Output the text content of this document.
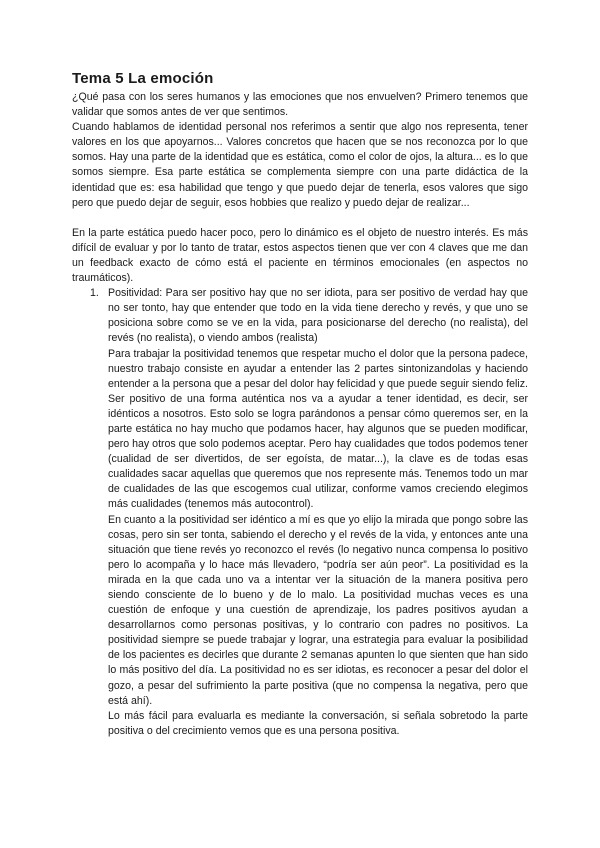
Tema 5 La emoción

¿Qué pasa con los seres humanos y las emociones que nos envuelven? Primero tenemos que validar que somos antes de ver que sentimos.

Cuando hablamos de identidad personal nos referimos a sentir que algo nos representa, tener valores en los que apoyarnos... Valores concretos que hacen que se nos reconozca por lo que somos. Hay una parte de la identidad que es estática, como el color de ojos, la altura... es lo que somos siempre. Esa parte estática se complementa siempre con una parte didáctica de la identidad que es: esa habilidad que tengo y que puedo dejar de tenerla, esos valores que sigo pero que puedo dejar de seguir, esos hobbies que realizo y puedo dejar de realizar...

En la parte estática puedo hacer poco, pero lo dinámico es el objeto de nuestro interés. Es más difícil de evaluar y por lo tanto de tratar, estos aspectos tienen que ver con 4 claves que me dan un feedback exacto de cómo está el paciente en términos emocionales (en aspectos no traumáticos).

1. Positividad: Para ser positivo hay que no ser idiota, para ser positivo de verdad hay que no ser tonto, hay que entender que todo en la vida tiene derecho y revés, y que uno se posiciona sobre como se ve en la vida, para posicionarse del derecho (no realista), del revés (no realista), o viendo ambos (realista)

Para trabajar la positividad tenemos que respetar mucho el dolor que la persona padece, nuestro trabajo consiste en ayudar a entender las 2 partes sintonizandolas y haciendo entender a la persona que a pesar del dolor hay felicidad y que puede seguir siendo feliz. Ser positivo de una forma auténtica nos va a ayudar a tener identidad, es decir, ser idénticos a nosotros. Esto solo se logra parándonos a pensar cómo queremos ser, en la parte estática no hay mucho que podamos hacer, hay algunos que se pueden modificar, pero hay otros que solo podemos aceptar. Pero hay cualidades que todos podemos tener (cualidad de ser divertidos, de ser egoísta, de matar...), la clave es de todas esas cualidades sacar aquellas que queremos que nos represente más. Tenemos todo un mar de cualidades de las que escogemos cual utilizar, conforme vamos creciendo elegimos más cualidades (tenemos más autocontrol).

En cuanto a la positividad ser idéntico a mí es que yo elijo la mirada que pongo sobre las cosas, pero sin ser tonta, sabiendo el derecho y el revés de la vida, y entonces ante una situación que tiene revés yo reconozco el revés (lo negativo nunca compensa lo positivo pero lo acompaña y lo hace más llevadero, “podría ser aún peor”. La positividad es la mirada en la que cada uno va a intentar ver la situación de la manera positiva pero siendo consciente de lo bueno y de lo malo. La positividad muchas veces es una cuestión de enfoque y una cuestión de aprendizaje, los padres positivos ayudan a desarrollarnos como personas positivas, y lo contrario con padres no positivos. La positividad siempre se puede trabajar y lograr, una estrategia para evaluar la posibilidad de los pacientes es decirles que durante 2 semanas apunten lo que sienten que han sido lo más positivo del día. La positividad no es ser idiotas, es reconocer a pesar del dolor el gozo, a pesar del sufrimiento la parte positiva (que no compensa la negativa, pero que está ahí).

Lo más fácil para evaluarla es mediante la conversación, si señala sobretodo la parte positiva o del crecimiento vemos que es una persona positiva.
